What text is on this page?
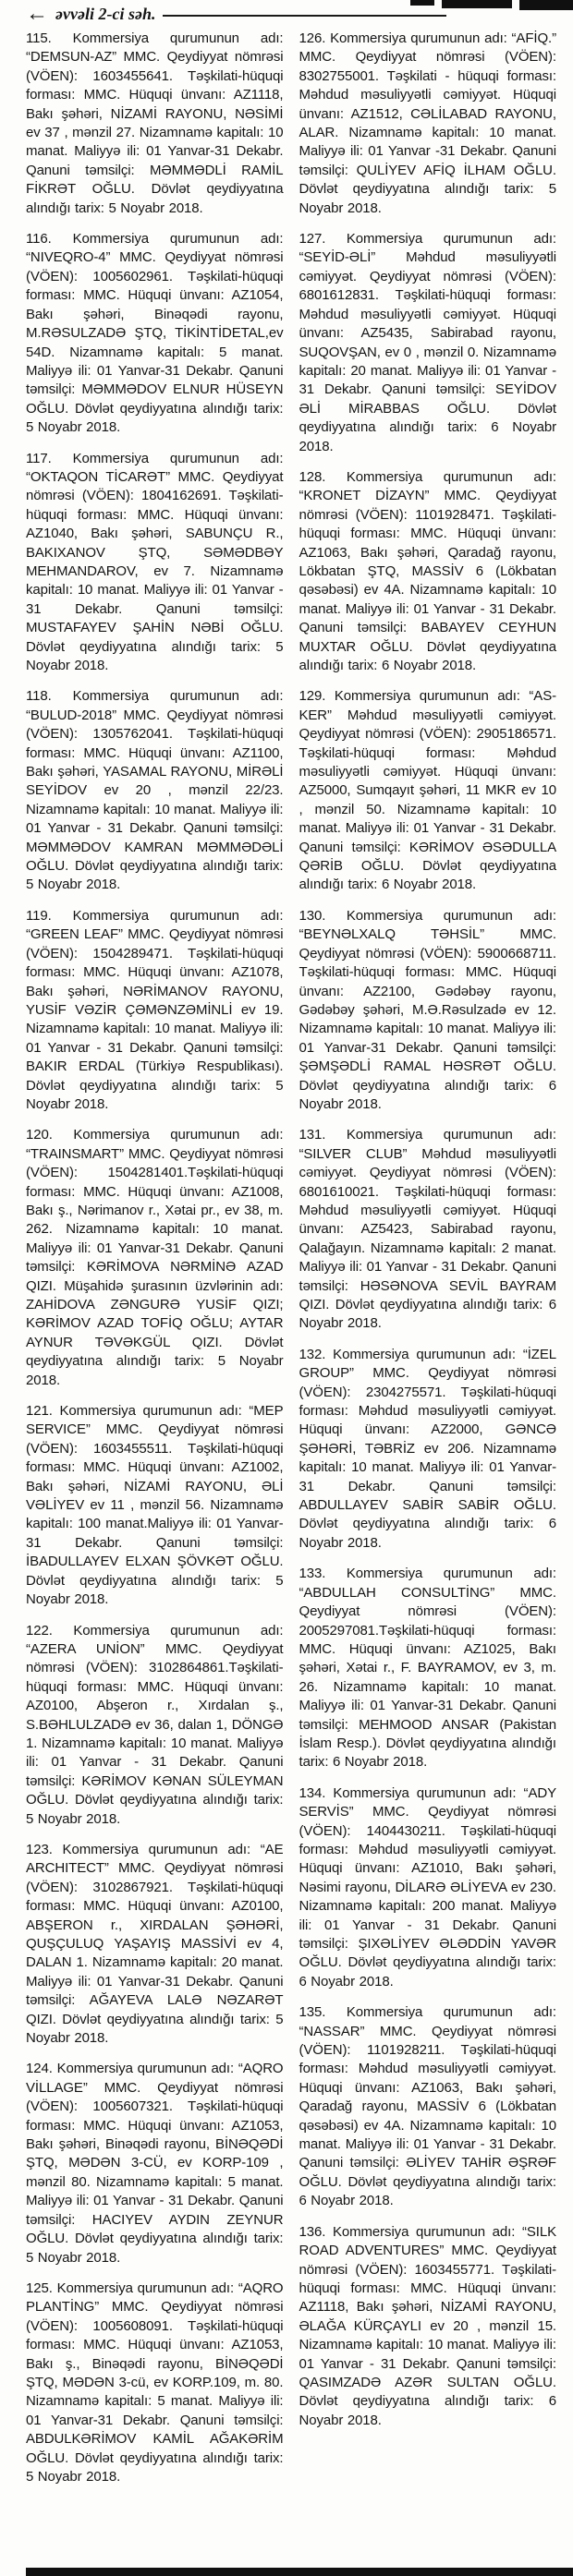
← əvvəli 2-ci səh.

115. Kommersiya qurumunun adı: “DEMSUN-AZ” MMC. Qeydiyyat nömrəsi (VÖEN): 1603455641. Təşkilati-hüquqi forması: MMC. Hüquqi ünvanı: AZ1118, Bakı şəhəri, NİZAMİ RAYONU, NƏSİMİ ev 37 , mənzil 27. Nizamnamə kapitalı: 10 manat. Maliyyə ili: 01 Yanvar-31 Dekabr. Qanuni təmsilçi: MƏMMƏDLİ RAMİL FİKRƏT OĞLU. Dövlət qeydiyyatına alındığı tarix: 5 Noyabr 2018.

116. Kommersiya qurumunun adı: “NIVEQRO-4” MMC. Qeydiyyat nömrəsi (VÖEN): 1005602961. Təşkilati-hüquqi forması: MMC. Hüquqi ünvanı: AZ1054, Bakı şəhəri, Binəqədi rayonu, M.RƏSULZADƏ ŞTQ, TİKİNTİDETAL,ev 54D. Nizamnamə kapitalı: 5 manat. Maliyyə ili: 01 Yanvar-31 Dekabr. Qanuni təmsilçi: MƏMMƏDOV ELNUR HÜSEYN OĞLU. Dövlət qeydiyyatına alındığı tarix: 5 Noyabr 2018.

117. Kommersiya qurumunun adı: “OKTAQON TİCARƏT” MMC. Qeydiyyat nömrəsi (VÖEN): 1804162691. Təşkilati-hüquqi forması: MMC. Hüquqi ünvanı: AZ1040, Bakı şəhəri, SABUNÇU R., BAKIXANOV ŞTQ, SƏMƏDBƏY MEHMANDAROV, ev 7. Nizamnamə kapitalı: 10 manat. Maliyyə ili: 01 Yanvar - 31 Dekabr. Qanuni təmsilçi: MUSTAFAYEV ŞAHİN NƏBİ OĞLU. Dövlət qeydiyyatına alındığı tarix: 5 Noyabr 2018.

118. Kommersiya qurumunun adı: “BULUD-2018” MMC. Qeydiyyat nömrəsi (VÖEN): 1305762041. Təşkilati-hüquqi forması: MMC. Hüquqi ünvanı: AZ1100, Bakı şəhəri, YASAMAL RAYONU, MİRƏLİ SEYİDOV ev 20 , mənzil 22/23. Nizamnamə kapitalı: 10 manat. Maliyyə ili: 01 Yanvar - 31 Dekabr. Qanuni təmsilçi: MƏMMƏDOV KAMRAN MƏMMƏDƏLİ OĞLU. Dövlət qeydiyyatına alındığı tarix: 5 Noyabr 2018.

119. Kommersiya qurumunun adı: “GREEN LEAF” MMC. Qeydiyyat nömrəsi (VÖEN): 1504289471. Təşkilati-hüquqi forması: MMC. Hüquqi ünvanı: AZ1078, Bakı şəhəri, NƏRİMANOV RAYONU, YUSİF VƏZİR ÇƏMƏNZƏMİNLİ ev 19. Nizamnamə kapitalı: 10 manat. Maliyyə ili: 01 Yanvar - 31 Dekabr. Qanuni təmsilçi: BAKIR ERDAL (Türkiyə Respublikası). Dövlət qeydiyyatına alındığı tarix: 5 Noyabr 2018.

120. Kommersiya qurumunun adı: “TRAINSMART” MMC. Qeydiyyat nömrəsi (VÖEN): 1504281401.Təşkilati-hüquqi forması: MMC. Hüquqi ünvanı: AZ1008, Bakı ş., Nərimanov r., Xətai pr., ev 38, m. 262. Nizamnamə kapitalı: 10 manat. Maliyyə ili: 01 Yanvar-31 Dekabr. Qanuni təmsilçi: KƏRİMOVA NƏRMİNƏ AZAD QIZI. Müşahidə şurasının üzvlərinin adı: ZAHİDOVA ZƏNGURƏ YUSİF QIZI; KƏRİMOV AZAD TOFİQ OĞLU; AYTAR AYNUR TƏVƏKGÜL QIZI. Dövlət qeydiyyatına alındığı tarix: 5 Noyabr 2018.

121. Kommersiya qurumunun adı: “MEP SERVICE” MMC. Qeydiyyat nömrəsi (VÖEN): 1603455511. Təşkilati-hüquqi forması: MMC. Hüquqi ünvanı: AZ1002, Bakı şəhəri, NİZAMİ RAYONU, ƏLİ VƏLİYEV ev 11 , mənzil 56. Nizamnamə kapitalı: 100 manat.Maliyyə ili: 01 Yanvar-31 Dekabr. Qanuni təmsilçi: İBADULLAYEV ELXAN ŞÖVKƏT OĞLU. Dövlət qeydiyyatına alındığı tarix: 5 Noyabr 2018.

122. Kommersiya qurumunun adı: “AZERA UNİON” MMC. Qeydiyyat nömrəsi (VÖEN): 3102864861.Təşkilati-hüquqi forması: MMC. Hüquqi ünvanı: AZ0100, Abşeron r., Xırdalan ş., S.BƏHLULZADƏ ev 36, dalan 1, DÖNGƏ 1. Nizamnamə kapitalı: 10 manat. Maliyyə ili: 01 Yanvar - 31 Dekabr. Qanuni təmsilçi: KƏRİMOV KƏNAN SÜLEYMAN OĞLU. Dövlət qeydiyyatına alındığı tarix: 5 Noyabr 2018.

123. Kommersiya qurumunun adı: “AE ARCHITECT” MMC. Qeydiyyat nömrəsi (VÖEN): 3102867921. Təşkilati-hüquqi forması: MMC. Hüquqi ünvanı: AZ0100, ABŞERON r., XIRDALAN ŞƏHƏRİ, QUŞÇULUQ YAŞAYIŞ MASSİVİ ev 4, DALAN 1. Nizamnamə kapitalı: 20 manat. Maliyyə ili: 01 Yanvar-31 Dekabr. Qanuni təmsilçi: AĞAYEVA LALƏ NƏZARƏT QIZI. Dövlət qeydiyyatına alındığı tarix: 5 Noyabr 2018.

124. Kommersiya qurumunun adı: “AQRO VİLLAGE” MMC. Qeydiyyat nömrəsi (VÖEN): 1005607321. Təşkilati-hüquqi forması: MMC. Hüquqi ünvanı: AZ1053, Bakı şəhəri, Binəqədi rayonu, BİNƏQƏDİ ŞTQ, MƏDƏN 3-CÜ, ev KORP-109 , mənzil 80. Nizamnamə kapitalı: 5 manat. Maliyyə ili: 01 Yanvar - 31 Dekabr. Qanuni təmsilçi: HACIYEV AYDIN ZEYNUR OĞLU. Dövlət qeydiyyatına alındığı tarix: 5 Noyabr 2018.

125. Kommersiya qurumunun adı: “AQRO PLANTİNG” MMC. Qeydiyyat nömrəsi (VÖEN): 1005608091. Təşkilati-hüquqi forması: MMC. Hüquqi ünvanı: AZ1053, Bakı ş., Binəqədi rayonu, BİNƏQƏDİ ŞTQ, MƏDƏN 3-cü, ev KORP.109, m. 80. Nizamnamə kapitalı: 5 manat. Maliyyə ili: 01 Yanvar-31 Dekabr. Qanuni təmsilçi: ABDULKƏRİMOV KAMİL AĞAKƏRİM OĞLU. Dövlət qeydiyyatına alındığı tarix: 5 Noyabr 2018.

126. Kommersiya qurumunun adı: “AFİQ.” MMC. Qeydiyyat nömrəsi (VÖEN): 8302755001. Təşkilati - hüquqi forması: Məhdud məsuliyyətli cəmiyyət. Hüquqi ünvanı: AZ1512, CƏLİLABAD RAYONU, ALAR. Nizamnamə kapitalı: 10 manat. Maliyyə ili: 01 Yanvar -31 Dekabr. Qanuni təmsilçi: QULİYEV AFİQ İLHAM OĞLU. Dövlət qeydiyyatına alındığı tarix: 5 Noyabr 2018.

127. Kommersiya qurumunun adı: “SEYİD-ƏLİ” Məhdud məsuliyyətli cəmiyyət. Qeydiyyat nömrəsi (VÖEN): 6801612831. Təşkilati-hüquqi forması: Məhdud məsuliyyətli cəmiyyət. Hüquqi ünvanı: AZ5435, Sabirabad rayonu, SUQOVŞAN, ev 0 , mənzil 0. Nizamnamə kapitalı: 20 manat. Maliyyə ili: 01 Yanvar - 31 Dekabr. Qanuni təmsilçi: SEYİDOV ƏLİ MİRABBAS OĞLU. Dövlət qeydiyyatına alındığı tarix: 6 Noyabr 2018.

128. Kommersiya qurumunun adı: “KRONET DİZAYN” MMC. Qeydiyyat nömrəsi (VÖEN): 1101928471. Təşkilati-hüquqi forması: MMC. Hüquqi ünvanı: AZ1063, Bakı şəhəri, Qaradağ rayonu, Lökbatan ŞTQ, MASSİV 6 (Lökbatan qəsəbəsi) ev 4A. Nizamnamə kapitalı: 10 manat. Maliyyə ili: 01 Yanvar - 31 Dekabr. Qanuni təmsilçi: BABAYEV CEYHUN MUXTAR OĞLU. Dövlət qeydiyyatına alındığı tarix: 6 Noyabr 2018.

129. Kommersiya qurumunun adı: “AS-KER” Məhdud məsuliyyətli cəmiyyət. Qeydiyyat nömrəsi (VÖEN): 2905186571. Təşkilati-hüquqi forması: Məhdud məsuliyyətli cəmiyyət. Hüquqi ünvanı: AZ5000, Sumqayıt şəhəri, 11 MKR ev 10 , mənzil 50. Nizamnamə kapitalı: 10 manat. Maliyyə ili: 01 Yanvar - 31 Dekabr. Qanuni təmsilçi: KƏRİMOV ƏSƏDULLA QƏRİB OĞLU. Dövlət qeydiyyatına alındığı tarix: 6 Noyabr 2018.

130. Kommersiya qurumunun adı: “BEYNƏLXALQ TƏHSİL” MMC. Qeydiyyat nömrəsi (VÖEN): 5900668711. Təşkilati-hüquqi forması: MMC. Hüquqi ünvanı: AZ2100, Gədəbəy rayonu, Gədəbəy şəhəri, M.Ə.Rəsulzadə ev 12. Nizamnamə kapitalı: 10 manat. Maliyyə ili: 01 Yanvar-31 Dekabr. Qanuni təmsilçi: ŞƏMŞƏDLİ RAMAL HƏSRƏT OĞLU. Dövlət qeydiyyatına alındığı tarix: 6 Noyabr 2018.

131. Kommersiya qurumunun adı: “SILVER CLUB” Məhdud məsuliyyətli cəmiyyət. Qeydiyyat nömrəsi (VÖEN): 6801610021. Təşkilati-hüquqi forması: Məhdud məsuliyyətli cəmiyyət. Hüquqi ünvanı: AZ5423, Sabirabad rayonu, Qalağayın. Nizamnamə kapitalı: 2 manat. Maliyyə ili: 01 Yanvar - 31 Dekabr. Qanuni təmsilçi: HƏSƏNOVA SEVİL BAYRAM QIZI. Dövlət qeydiyyatına alındığı tarix: 6 Noyabr 2018.

132. Kommersiya qurumunun adı: “İZEL GROUP” MMC. Qeydiyyat nömrəsi (VÖEN): 2304275571. Təşkilati-hüquqi forması: Məhdud məsuliyyətli cəmiyyət. Hüquqi ünvanı: AZ2000, GƏNCƏ ŞƏHƏRİ, TƏBRİZ ev 206. Nizamnamə kapitalı: 10 manat. Maliyyə ili: 01 Yanvar-31 Dekabr. Qanuni təmsilçi: ABDULLAYEV SABİR SABİR OĞLU. Dövlət qeydiyyatına alındığı tarix: 6 Noyabr 2018.

133. Kommersiya qurumunun adı: “ABDULLAH CONSULTİNG” MMC. Qeydiyyat nömrəsi (VÖEN): 2005297081.Təşkilati-hüquqi forması: MMC. Hüquqi ünvanı: AZ1025, Bakı şəhəri, Xətai r., F. BAYRAMOV, ev 3, m. 26. Nizamnamə kapitalı: 10 manat. Maliyyə ili: 01 Yanvar-31 Dekabr. Qanuni təmsilçi: MEHMOOD ANSAR (Pakistan İslam Resp.). Dövlət qeydiyyatına alındığı tarix: 6 Noyabr 2018.

134. Kommersiya qurumunun adı: “ADY SERVİS” MMC. Qeydiyyat nömrəsi (VÖEN): 1404430211. Təşkilati-hüquqi forması: Məhdud məsuliyyətli cəmiyyət. Hüquqi ünvanı: AZ1010, Bakı şəhəri, Nəsimi rayonu, DİLARƏ ƏLİYEVA ev 230. Nizamnamə kapitalı: 200 manat. Maliyyə ili: 01 Yanvar - 31 Dekabr. Qanuni təmsilçi: ŞIXƏLİYEV ƏLƏDDİN YAVƏR OĞLU. Dövlət qeydiyyatına alındığı tarix: 6 Noyabr 2018.

135. Kommersiya qurumunun adı: “NASSAR” MMC. Qeydiyyat nömrəsi (VÖEN): 1101928211. Təşkilati-hüquqi forması: Məhdud məsuliyyətli cəmiyyət. Hüquqi ünvanı: AZ1063, Bakı şəhəri, Qaradağ rayonu, MASSİV 6 (Lökbatan qəsəbəsi) ev 4A. Nizamnamə kapitalı: 10 manat. Maliyyə ili: 01 Yanvar - 31 Dekabr. Qanuni təmsilçi: ƏLİYEV TAHİR ƏŞRƏF OĞLU. Dövlət qeydiyyatına alındığı tarix: 6 Noyabr 2018.

136. Kommersiya qurumunun adı: “SILK ROAD ADVENTURES” MMC. Qeydiyyat nömrəsi (VÖEN): 1603455771. Təşkilati-hüquqi forması: MMC. Hüquqi ünvanı: AZ1118, Bakı şəhəri, NİZAMİ RAYONU, ƏLAĞA KÜRÇAYLI ev 20 , mənzil 15. Nizamnamə kapitalı: 10 manat. Maliyyə ili: 01 Yanvar - 31 Dekabr. Qanuni təmsilçi: QASIMZADƏ AZƏR SULTAN OĞLU. Dövlət qeydiyyatına alındığı tarix: 6 Noyabr 2018.
